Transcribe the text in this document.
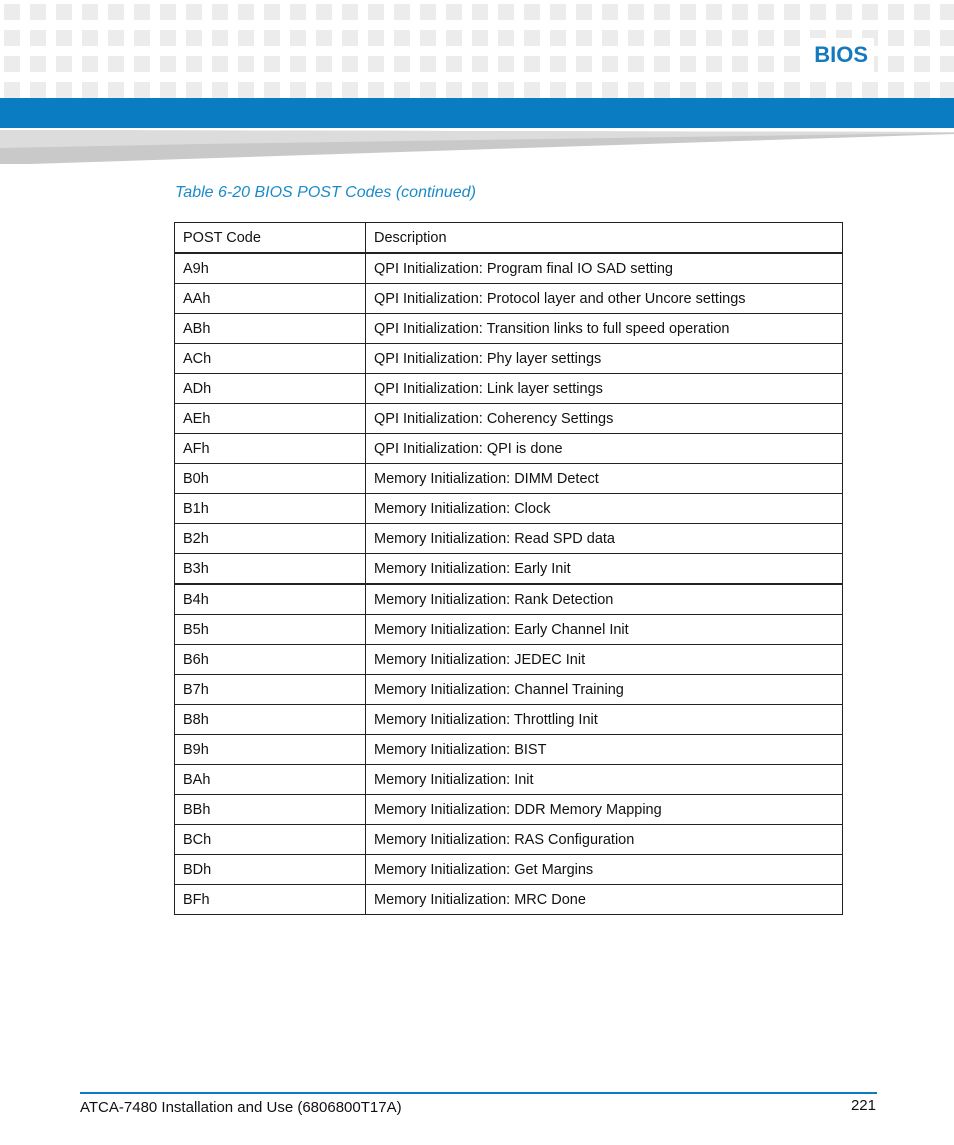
BIOS
Table 6-20 BIOS POST Codes (continued)
POST Code	Description
A9h	QPI Initialization: Program final IO SAD setting
AAh	QPI Initialization: Protocol layer and other Uncore settings
ABh	QPI Initialization: Transition links to full speed operation
ACh	QPI Initialization: Phy layer settings
ADh	QPI Initialization: Link layer settings
AEh	QPI Initialization: Coherency Settings
AFh	QPI Initialization: QPI is done
B0h	Memory Initialization: DIMM Detect
B1h	Memory Initialization: Clock
B2h	Memory Initialization: Read SPD data
B3h	Memory Initialization: Early Init
B4h	Memory Initialization: Rank Detection
B5h	Memory Initialization: Early Channel Init
B6h	Memory Initialization: JEDEC Init
B7h	Memory Initialization: Channel Training
B8h	Memory Initialization: Throttling Init
B9h	Memory Initialization: BIST
BAh	Memory Initialization: Init
BBh	Memory Initialization: DDR Memory Mapping
BCh	Memory Initialization: RAS Configuration
BDh	Memory Initialization: Get Margins
BFh	Memory Initialization: MRC Done
ATCA-7480 Installation and Use (6806800T17A)	221
